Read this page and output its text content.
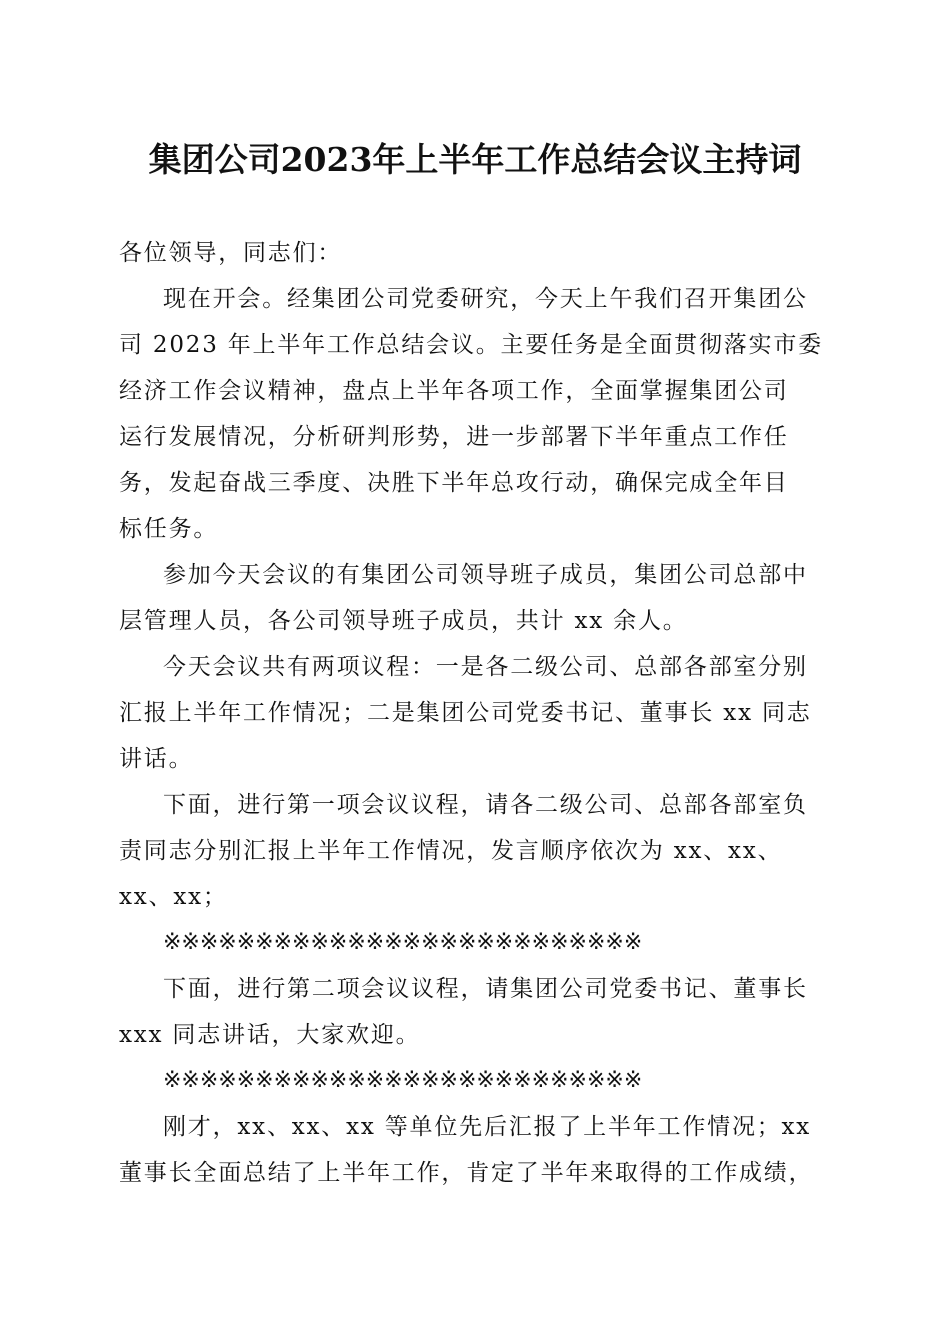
集团公司2023年上半年工作总结会议主持词
各位领导，同志们：
现在开会。经集团公司党委研究，今天上午我们召开集团公
司 2023 年上半年工作总结会议。主要任务是全面贯彻落实市委
经济工作会议精神，盘点上半年各项工作，全面掌握集团公司
运行发展情况，分析研判形势，进一步部署下半年重点工作任
务，发起奋战三季度、决胜下半年总攻行动，确保完成全年目
标任务。
参加今天会议的有集团公司领导班子成员，集团公司总部中
层管理人员，各公司领导班子成员，共计 xx 余人。
今天会议共有两项议程：一是各二级公司、总部各部室分别
汇报上半年工作情况；二是集团公司党委书记、董事长 xx 同志
讲话。
下面，进行第一项会议议程，请各二级公司、总部各部室负
责同志分别汇报上半年工作情况，发言顺序依次为 xx、xx、
xx、xx；
※※※※※※※※※※※※※※※※※※※※※※※※※※
下面，进行第二项会议议程，请集团公司党委书记、董事长
xxx 同志讲话，大家欢迎。
※※※※※※※※※※※※※※※※※※※※※※※※※※
刚才，xx、xx、xx 等单位先后汇报了上半年工作情况；xx
董事长全面总结了上半年工作，肯定了半年来取得的工作成绩，
